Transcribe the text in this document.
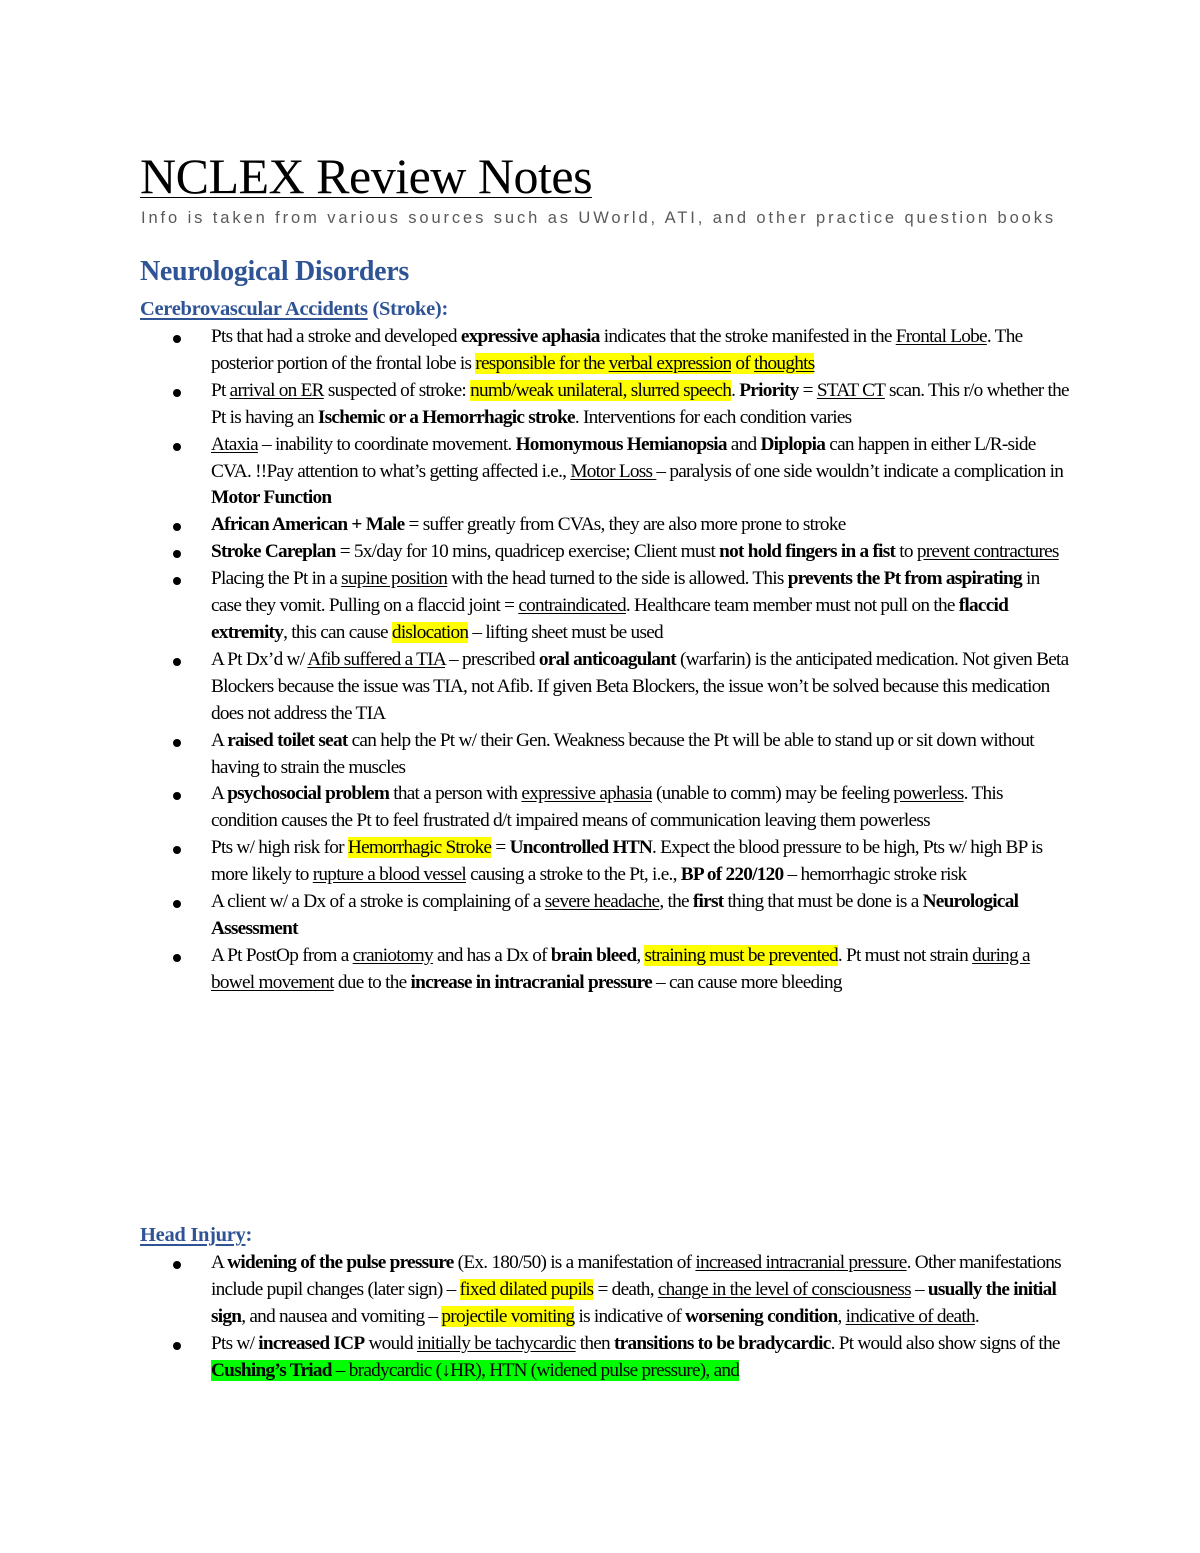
NCLEX Review Notes

Info is taken from various sources such as UWorld, ATI, and other practice question books

Neurological Disorders
Cerebrovascular Accidents (Stroke):
Pts that had a stroke and developed expressive aphasia indicates that the stroke manifested in the Frontal Lobe. The posterior portion of the frontal lobe is responsible for the verbal expression of thoughts
Pt arrival on ER suspected of stroke: numb/weak unilateral, slurred speech. Priority = STAT CT scan. This r/o whether the Pt is having an Ischemic or a Hemorrhagic stroke. Interventions for each condition varies
Ataxia – inability to coordinate movement. Homonymous Hemianopsia and Diplopia can happen in either L/R-side CVA. !!Pay attention to what’s getting affected i.e., Motor Loss – paralysis of one side wouldn’t indicate a complication in Motor Function
African American + Male = suffer greatly from CVAs, they are also more prone to stroke
Stroke Careplan = 5x/day for 10 mins, quadricep exercise; Client must not hold fingers in a fist to prevent contractures
Placing the Pt in a supine position with the head turned to the side is allowed. This prevents the Pt from aspirating in case they vomit. Pulling on a flaccid joint = contraindicated. Healthcare team member must not pull on the flaccid extremity, this can cause dislocation – lifting sheet must be used
A Pt Dx’d w/ Afib suffered a TIA – prescribed oral anticoagulant (warfarin) is the anticipated medication. Not given Beta Blockers because the issue was TIA, not Afib. If given Beta Blockers, the issue won’t be solved because this medication does not address the TIA
A raised toilet seat can help the Pt w/ their Gen. Weakness because the Pt will be able to stand up or sit down without having to strain the muscles
A psychosocial problem that a person with expressive aphasia (unable to comm) may be feeling powerless. This condition causes the Pt to feel frustrated d/t impaired means of communication leaving them powerless
Pts w/ high risk for Hemorrhagic Stroke = Uncontrolled HTN. Expect the blood pressure to be high, Pts w/ high BP is more likely to rupture a blood vessel causing a stroke to the Pt, i.e., BP of 220/120 – hemorrhagic stroke risk
A client w/ a Dx of a stroke is complaining of a severe headache, the first thing that must be done is a Neurological Assessment
A Pt PostOp from a craniotomy and has a Dx of brain bleed, straining must be prevented. Pt must not strain during a bowel movement due to the increase in intracranial pressure – can cause more bleeding
Head Injury:
A widening of the pulse pressure (Ex. 180/50) is a manifestation of increased intracranial pressure. Other manifestations include pupil changes (later sign) – fixed dilated pupils = death, change in the level of consciousness – usually the initial sign, and nausea and vomiting – projectile vomiting is indicative of worsening condition, indicative of death.
Pts w/ increased ICP would initially be tachycardic then transitions to be bradycardic. Pt would also show signs of the Cushing’s Triad – bradycardic (↓HR), HTN (widened pulse pressure), and
